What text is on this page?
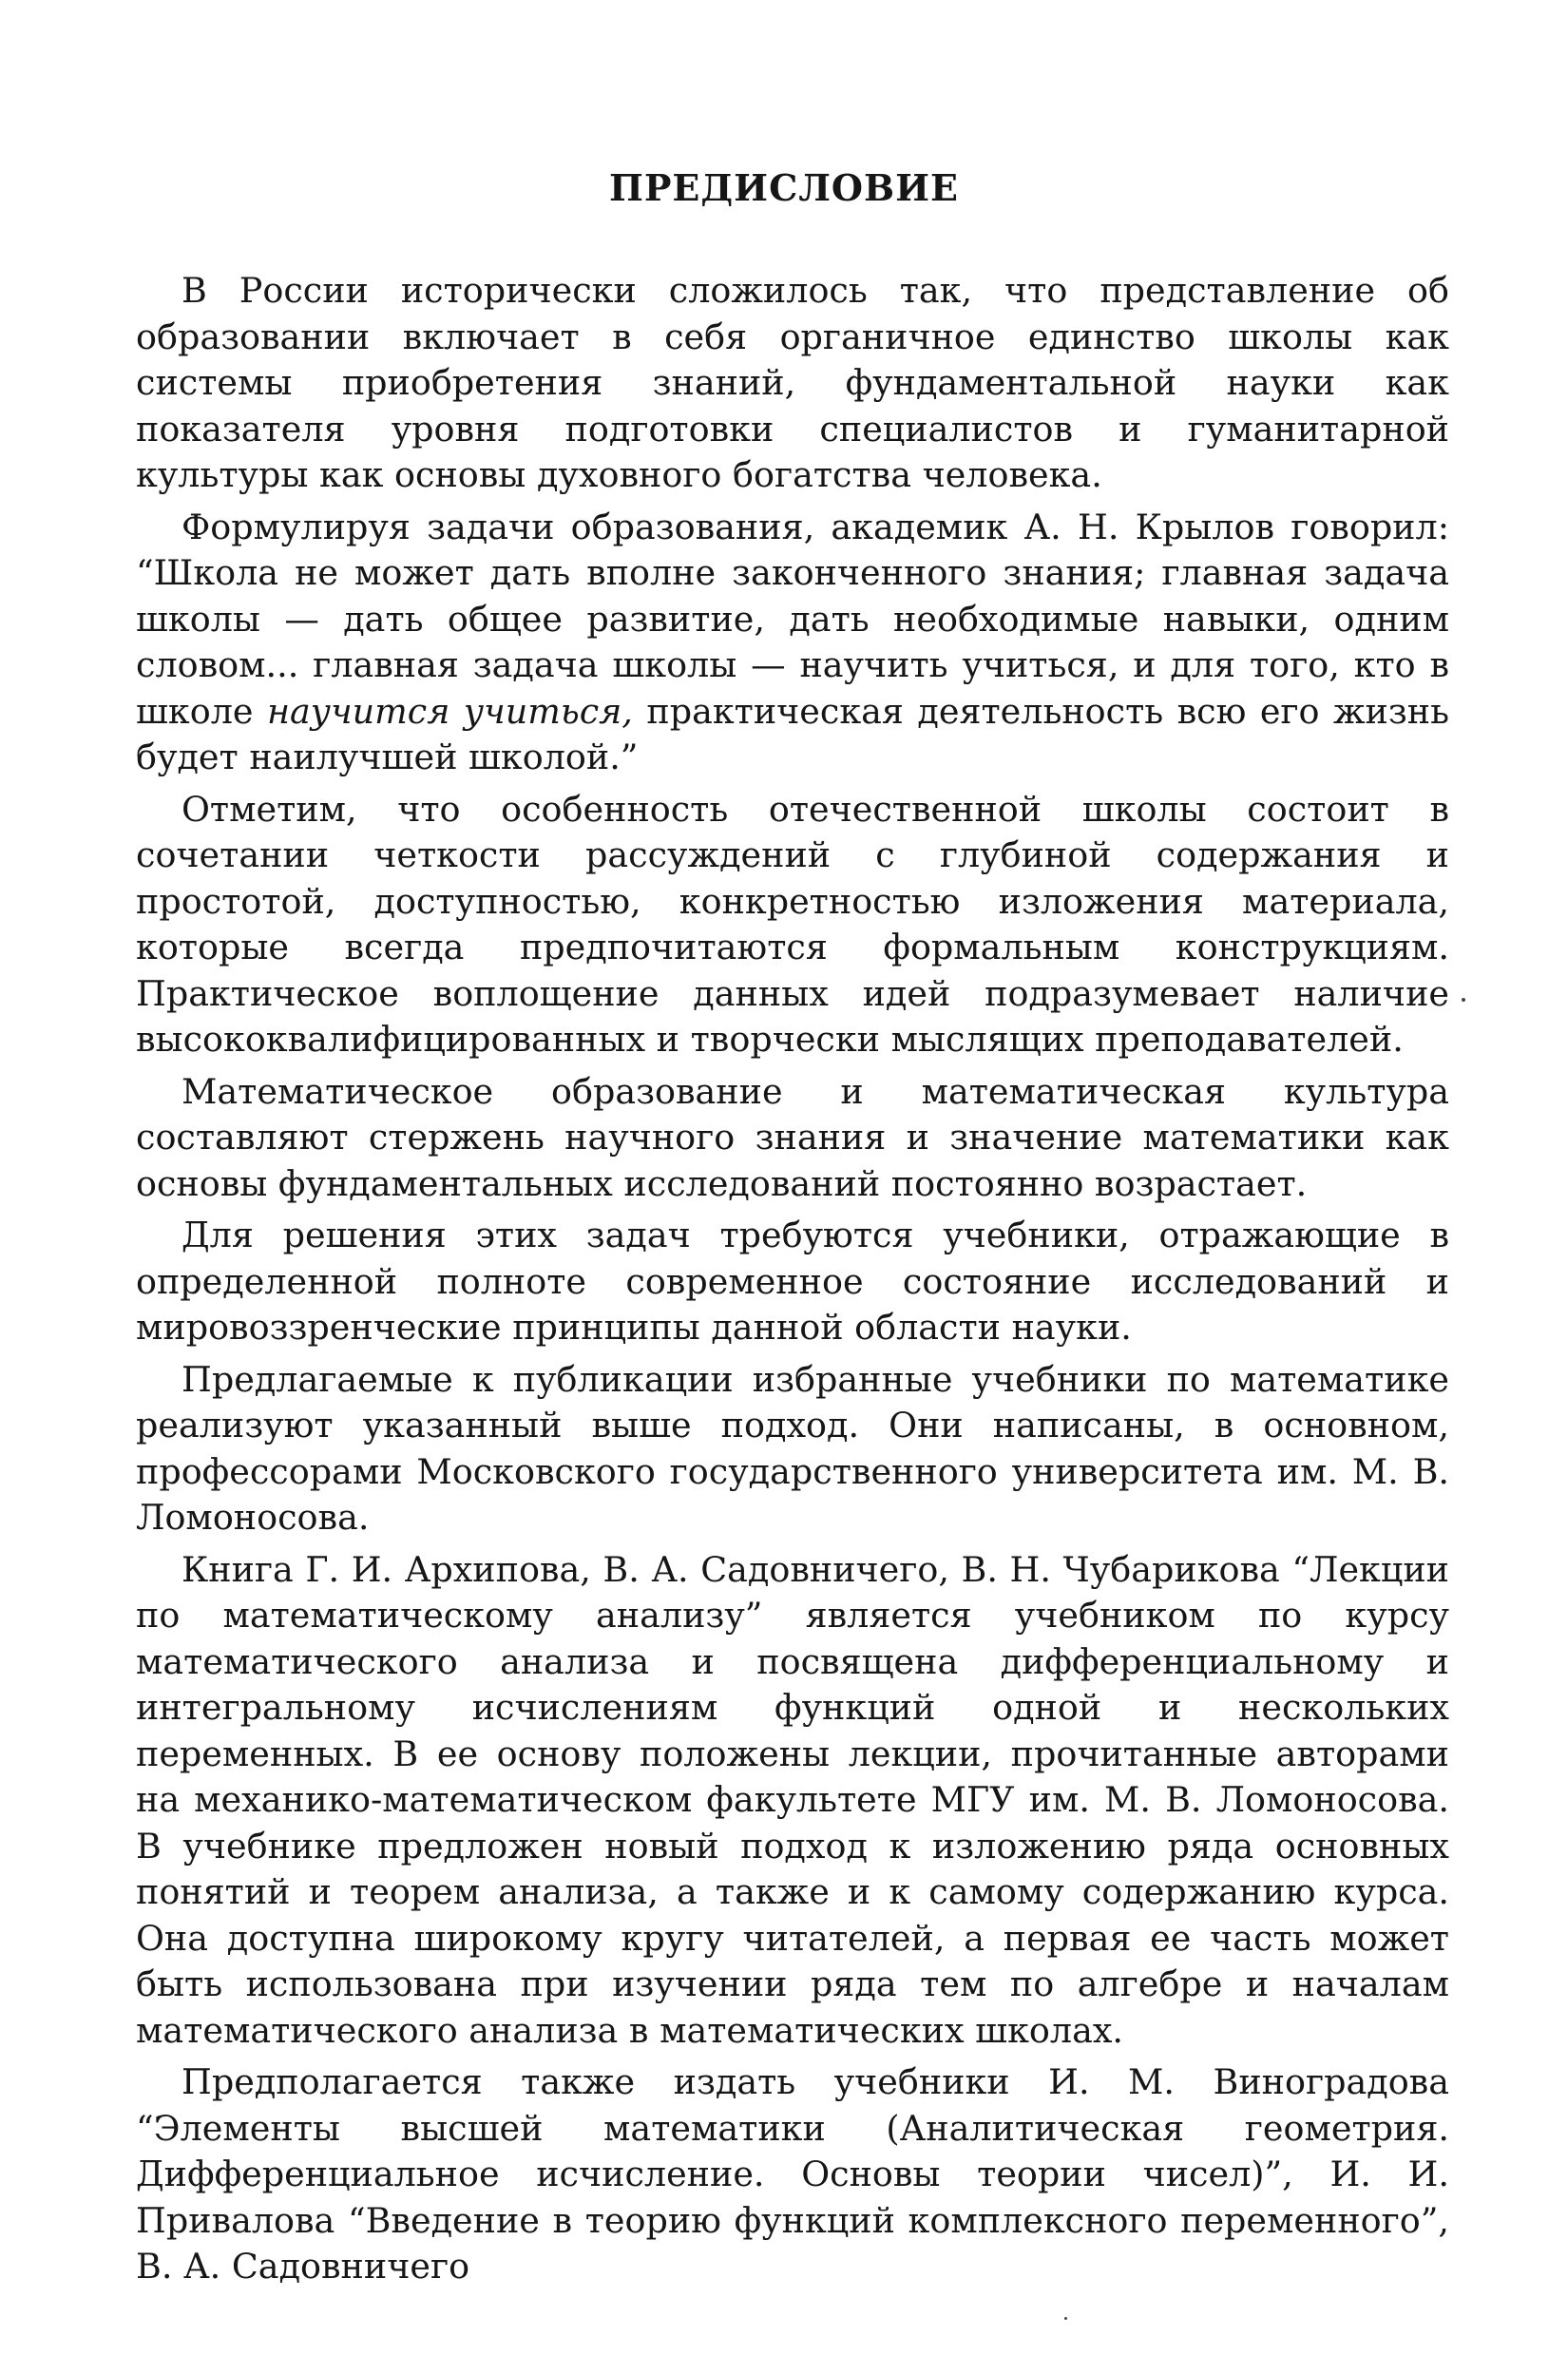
ПРЕДИСЛОВИЕ

В России исторически сложилось так, что представление об образовании включает в себя органичное единство школы как системы приобретения знаний, фундаментальной науки как показателя уровня подготовки специалистов и гуманитарной культуры как основы духовного богатства человека.

Формулируя задачи образования, академик А. Н. Крылов говорил: “Школа не может дать вполне законченного знания; главная задача школы — дать общее развитие, дать необходимые навыки, одним словом... главная задача школы — научить учиться, и для того, кто в школе научится учиться, практическая деятельность всю его жизнь будет наилучшей школой.”

Отметим, что особенность отечественной школы состоит в сочетании четкости рассуждений с глубиной содержания и простотой, доступностью, конкретностью изложения материала, которые всегда предпочитаются формальным конструкциям. Практическое воплощение данных идей подразумевает наличие высококвалифицированных и творчески мыслящих преподавателей.

Математическое образование и математическая культура составляют стержень научного знания и значение математики как основы фундаментальных исследований постоянно возрастает.

Для решения этих задач требуются учебники, отражающие в определенной полноте современное состояние исследований и мировоззренческие принципы данной области науки.

Предлагаемые к публикации избранные учебники по математике реализуют указанный выше подход. Они написаны, в основном, профессорами Московского государственного университета им. М. В. Ломоносова.

Книга Г. И. Архипова, В. А. Садовничего, В. Н. Чубарикова “Лекции по математическому анализу” является учебником по курсу математического анализа и посвящена дифференциальному и интегральному исчислениям функций одной и нескольких переменных. В ее основу положены лекции, прочитанные авторами на механико-математическом факультете МГУ им. М. В. Ломоносова. В учебнике предложен новый подход к изложению ряда основных понятий и теорем анализа, а также и к самому содержанию курса. Она доступна широкому кругу читателей, а первая ее часть может быть использована при изучении ряда тем по алгебре и началам математического анализа в математических школах.

Предполагается также издать учебники И. М. Виноградова “Элементы высшей математики (Аналитическая геометрия. Дифференциальное исчисление. Основы теории чисел)”, И. И. Привалова “Введение в теорию функций комплексного переменного”, В. А. Садовничего
